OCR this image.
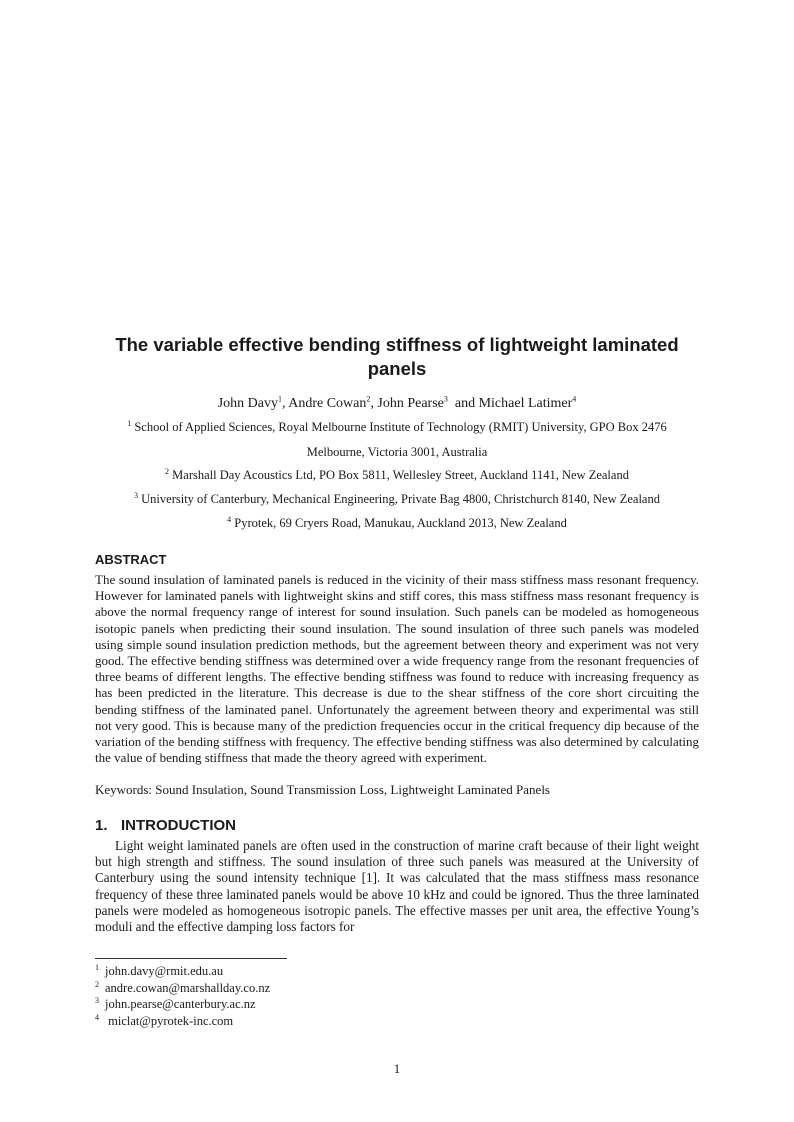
The variable effective bending stiffness of lightweight laminated panels
John Davy$^1$, Andre Cowan$^2$, John Pearse$^3$  and Michael Latimer$^4$
$^1$ School of Applied Sciences, Royal Melbourne Institute of Technology (RMIT) University, GPO Box 2476
Melbourne, Victoria 3001, Australia
$^2$ Marshall Day Acoustics Ltd, PO Box 5811, Wellesley Street, Auckland 1141, New Zealand
$^3$ University of Canterbury, Mechanical Engineering, Private Bag 4800, Christchurch 8140, New Zealand
$^4$ Pyrotek, 69 Cryers Road, Manukau, Auckland 2013, New Zealand
ABSTRACT

The sound insulation of laminated panels is reduced in the vicinity of their mass stiffness mass resonant frequency. However for laminated panels with lightweight skins and stiff cores, this mass stiffness mass resonant frequency is above the normal frequency range of interest for sound insulation. Such panels can be modeled as homogeneous isotopic panels when predicting their sound insulation. The sound insulation of three such panels was modeled using simple sound insulation prediction methods, but the agreement between theory and experiment was not very good. The effective bending stiffness was determined over a wide frequency range from the resonant frequencies of three beams of different lengths. The effective bending stiffness was found to reduce with increasing frequency as has been predicted in the literature. This decrease is due to the shear stiffness of the core short circuiting the bending stiffness of the laminated panel. Unfortunately the agreement between theory and experimental was still not very good. This is because many of the prediction frequencies occur in the critical frequency dip because of the variation of the bending stiffness with frequency. The effective bending stiffness was also determined by calculating the value of bending stiffness that made the theory agreed with experiment.

Keywords: Sound Insulation, Sound Transmission Loss, Lightweight Laminated Panels

1. INTRODUCTION

Light weight laminated panels are often used in the construction of marine craft because of their light weight but high strength and stiffness. The sound insulation of three such panels was measured at the University of Canterbury using the sound intensity technique [1]. It was calculated that the mass stiffness mass resonance frequency of these three laminated panels would be above 10 kHz and could be ignored. Thus the three laminated panels were modeled as homogeneous isotropic panels. The effective masses per unit area, the effective Young’s moduli and the effective damping loss factors for

1 john.davy@rmit.edu.au
2 andre.cowan@marshallday.co.nz
3 john.pearse@canterbury.ac.nz
4 miclat@pyrotek-inc.com
1
